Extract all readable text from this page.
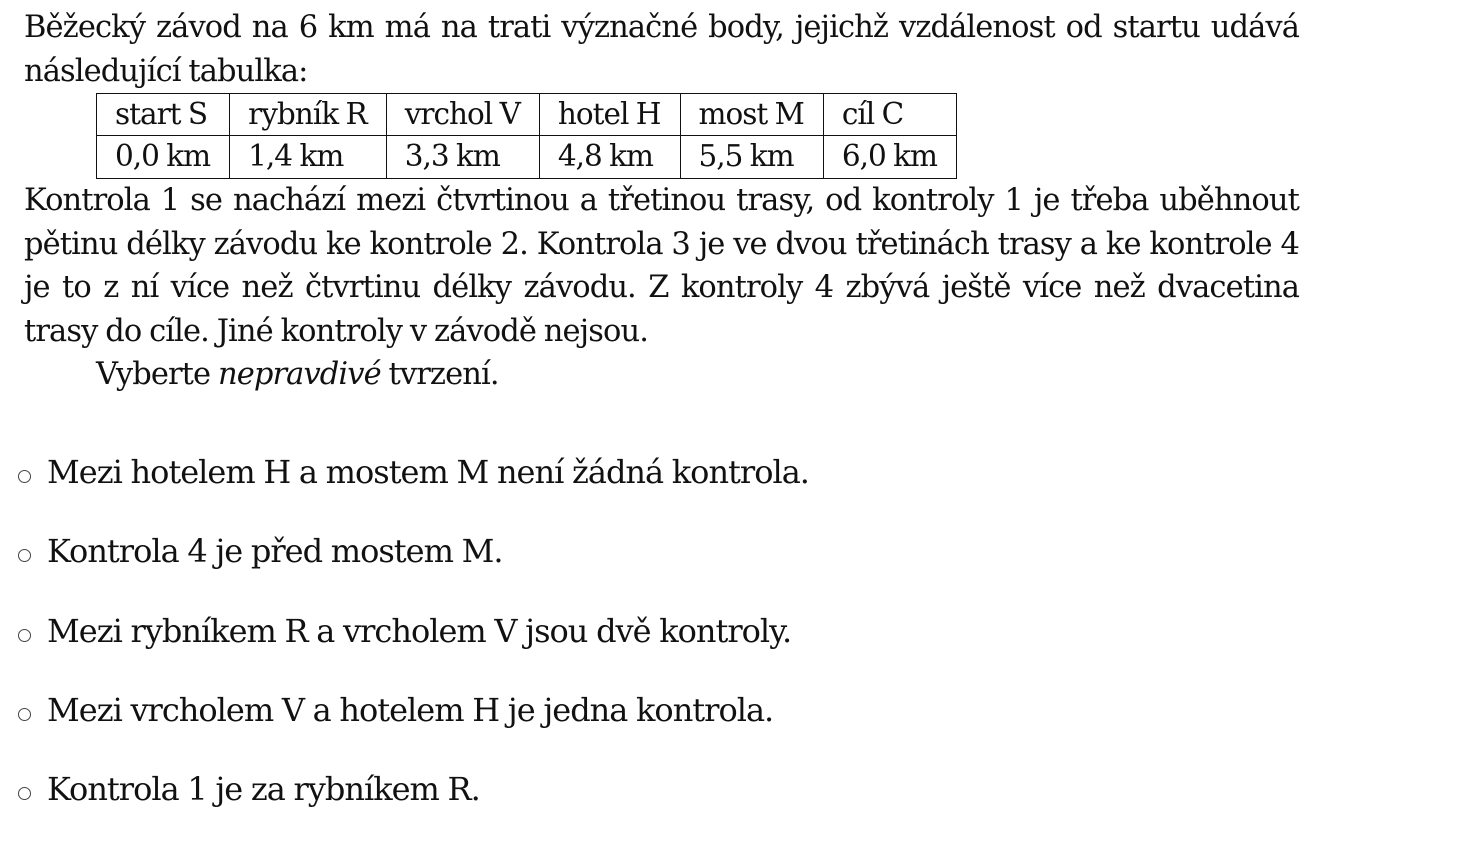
Běžecký závod na 6 km má na trati význačné body, jejichž vzdálenost od startu udává následující tabulka:

start S	rybník R	vrchol V	hotel H	most M	cíl C
0,0 km	1,4 km	3,3 km	4,8 km	5,5 km	6,0 km

Kontrola 1 se nachází mezi čtvrtinou a třetinou trasy, od kontroly 1 je třeba uběhnout pětinu délky závodu ke kontrole 2. Kontrola 3 je ve dvou třetinách trasy a ke kontrole 4 je to z ní více než čtvrtinu délky závodu. Z kontroly 4 zbývá ještě více než dvacetina trasy do cíle. Jiné kontroly v závodě nejsou.

Vyberte nepravdivé tvrzení.

Mezi hotelem H a mostem M není žádná kontrola.
Kontrola 4 je před mostem M.
Mezi rybníkem R a vrcholem V jsou dvě kontroly.
Mezi vrcholem V a hotelem H je jedna kontrola.
Kontrola 1 je za rybníkem R.
